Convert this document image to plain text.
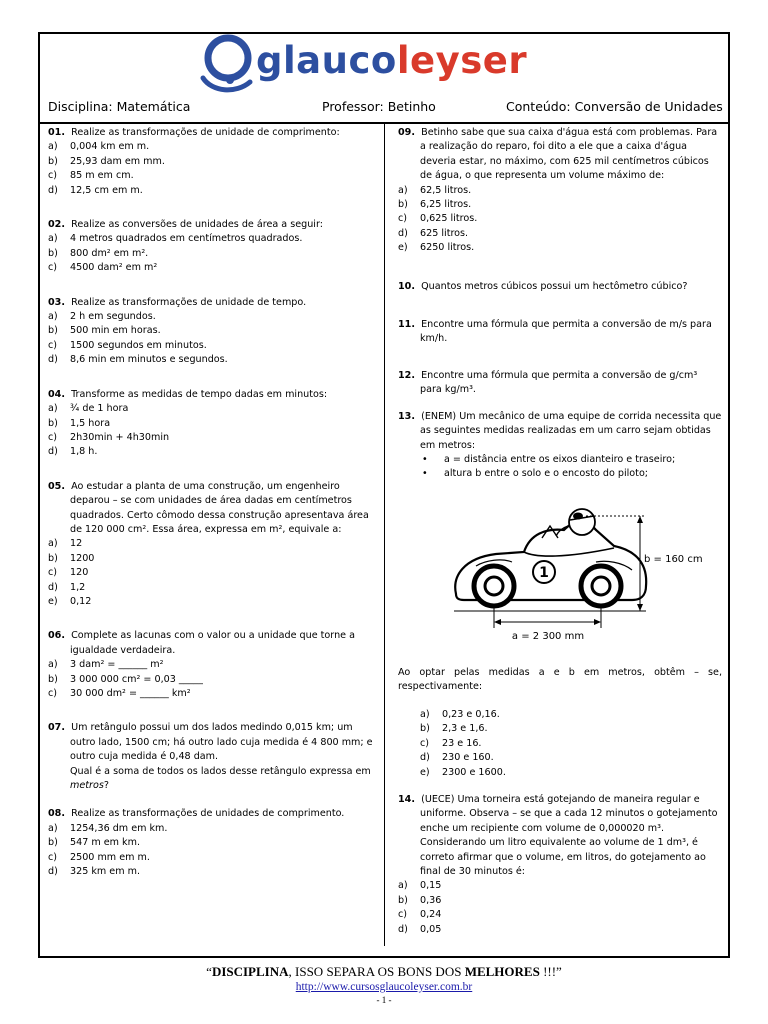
glaucoleyser
Disciplina: Matemática	Professor: Betinho	Conteúdo: Conversão de Unidades
01. Realize as transformações de unidade de comprimento:
a)	0,004 km em m.
b)	25,93 dam em mm.
c)	85 m em cm.
d)	12,5 cm em m.
02. Realize as conversões de unidades de área a seguir:
a)	4 metros quadrados em centímetros quadrados.
b)	800 dm² em m².
c)	4500 dam² em m²
03. Realize as transformações de unidade de tempo.
a)	2 h em segundos.
b)	500 min em horas.
c)	1500 segundos em minutos.
d)	8,6 min em minutos e segundos.
04. Transforme as medidas de tempo dadas em minutos:
a)	¾ de 1 hora
b)	1,5 hora
c)	2h30min + 4h30min
d)	1,8 h.
05. Ao estudar a planta de uma construção, um engenheiro deparou – se com unidades de área dadas em centímetros quadrados. Certo cômodo dessa construção apresentava área de 120 000 cm². Essa área, expressa em m², equivale a:
a)	12
b)	1200
c)	120
d)	1,2
e)	0,12
06. Complete as lacunas com o valor ou a unidade que torne a igualdade verdadeira.
a)	3 dam² = ______ m²
b)	3 000 000 cm² = 0,03 _____
c)	30 000 dm² = ______ km²
07. Um retângulo possui um dos lados medindo 0,015 km; um outro lado, 1500 cm; há outro lado cuja medida é 4 800 mm; e outro cuja medida é 0,48 dam.
Qual é a soma de todos os lados desse retângulo expressa em metros?
08. Realize as transformações de unidades de comprimento.
a)	1254,36 dm em km.
b)	547 m em km.
c)	2500 mm em m.
d)	325 km em m.
09. Betinho sabe que sua caixa d'água está com problemas. Para a realização do reparo, foi dito a ele que a caixa d'água deveria estar, no máximo, com 625 mil centímetros cúbicos de água, o que representa um volume máximo de:
a)	62,5 litros.
b)	6,25 litros.
c)	0,625 litros.
d)	625 litros.
e)	6250 litros.
10. Quantos metros cúbicos possui um hectômetro cúbico?
11. Encontre uma fórmula que permita a conversão de m/s para km/h.
12. Encontre uma fórmula que permita a conversão de g/cm³ para kg/m³.
13. (ENEM) Um mecânico de uma equipe de corrida necessita que as seguintes medidas realizadas em um carro sejam obtidas em metros:
•	a = distância entre os eixos dianteiro e traseiro;
•	altura b entre o solo e o encosto do piloto;
1
a = 2 300 mm
b = 160 cm
Ao optar pelas medidas a e b em metros, obtêm – se, respectivamente:
a)	0,23 e 0,16.
b)	2,3 e 1,6.
c)	23 e 16.
d)	230 e 160.
e)	2300 e 1600.
14. (UECE) Uma torneira está gotejando de maneira regular e uniforme. Observa – se que a cada 12 minutos o gotejamento enche um recipiente com volume de 0,000020 m³. Considerando um litro equivalente ao volume de 1 dm³, é correto afirmar que o volume, em litros, do gotejamento ao final de 30 minutos é:
a)	0,15
b)	0,36
c)	0,24
d)	0,05
“DISCIPLINA, ISSO SEPARA OS BONS DOS MELHORES !!!”
http://www.cursosglaucoleyser.com.br
- 1 -
